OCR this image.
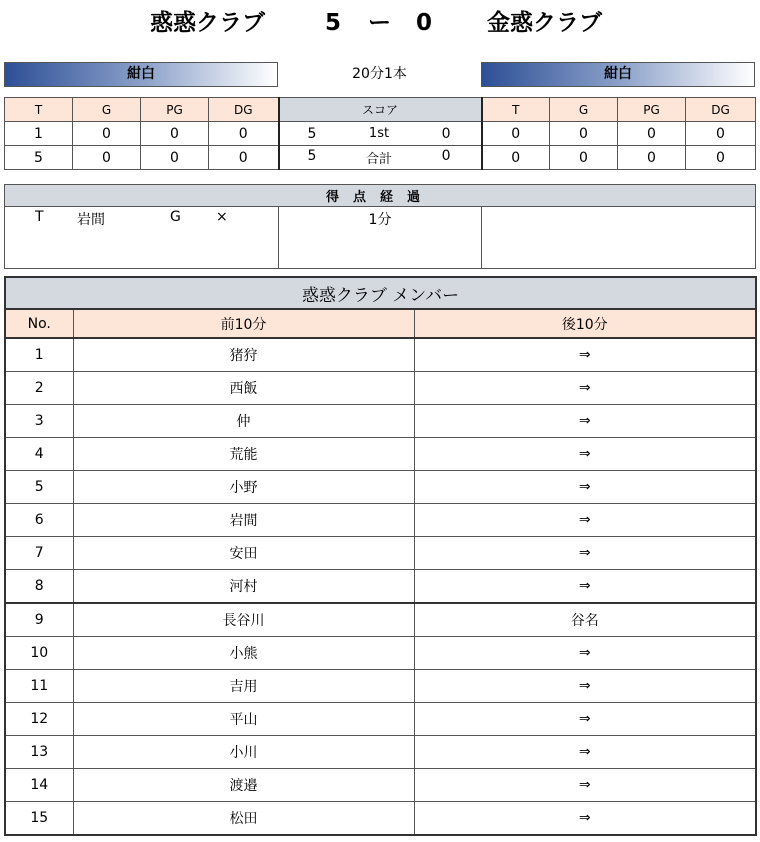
惑惑クラブ	5 ー 0 金惑クラブ
紺白	20分1本	紺白
T	G	PG	DG	スコア	T	G	PG	DG
1	0	0	0	5 1st 0	0	0	0	0
5	0	0	0	5 合計 0	0	0	0	0
得点経過

T 岩間	G	×	1分	
惑惑クラブ メンバー		
No.	前10分	後10分
1	猪狩	⇒
2	西飯	⇒
3	仲	⇒
4	荒能	⇒
5	小野	⇒
6	岩間	⇒
7	安田	⇒
8	河村	⇒
9	長谷川	谷名
10	小熊	⇒
11	吉用	⇒
12	平山	⇒
13	小川	⇒
14	渡邉	⇒
15	松田	⇒
